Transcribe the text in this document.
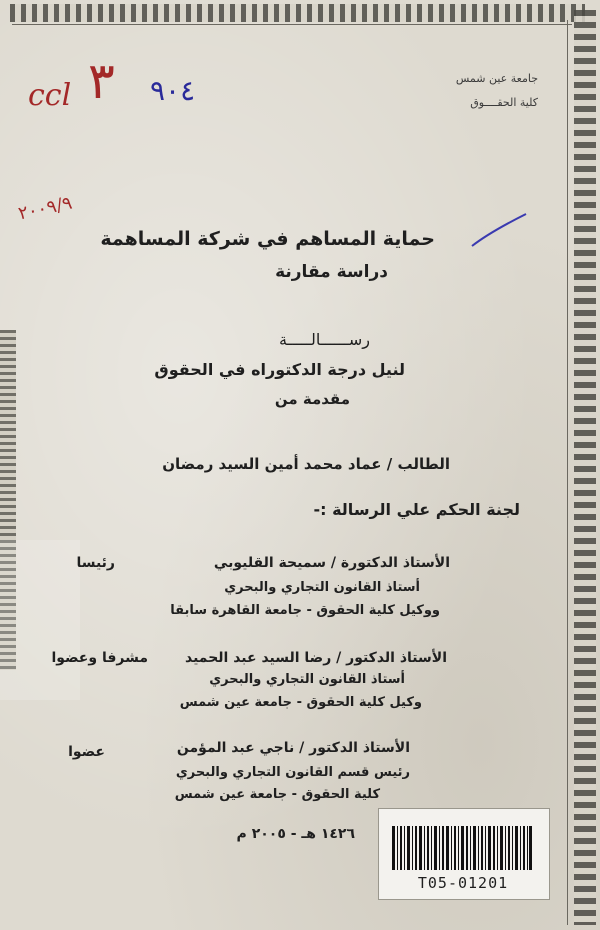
جامعة عين شمس
كلية الحقــــوق
ccl ٣ ٩٠٤
٢٠٠٩/٩
حماية المساهم في شركة المساهمة
دراسة مقارنة
رســــــالـــــة
لنيل درجة الدكتوراه في الحقوق
مقدمة من
الطالب / عماد محمد أمين السيد رمضان
لجنة الحكم علي الرسالة :-
الأستاذ الدكتورة / سميحة القليوبي
رئيسا
أستاذ القانون التجاري والبحري
ووكيل كلية الحقوق - جامعة القاهرة سابقا
الأستاذ الدكتور / رضا السيد عبد الحميد
مشرفا وعضوا
أستاذ القانون التجاري والبحري
وكيل كلية الحقوق - جامعة عين شمس
الأستاذ الدكتور / ناجي عبد المؤمن
عضوا
رئيس قسم القانون التجاري والبحري
كلية الحقوق - جامعة عين شمس
١٤٢٦ هـ - ٢٠٠٥ م
T05-01201
